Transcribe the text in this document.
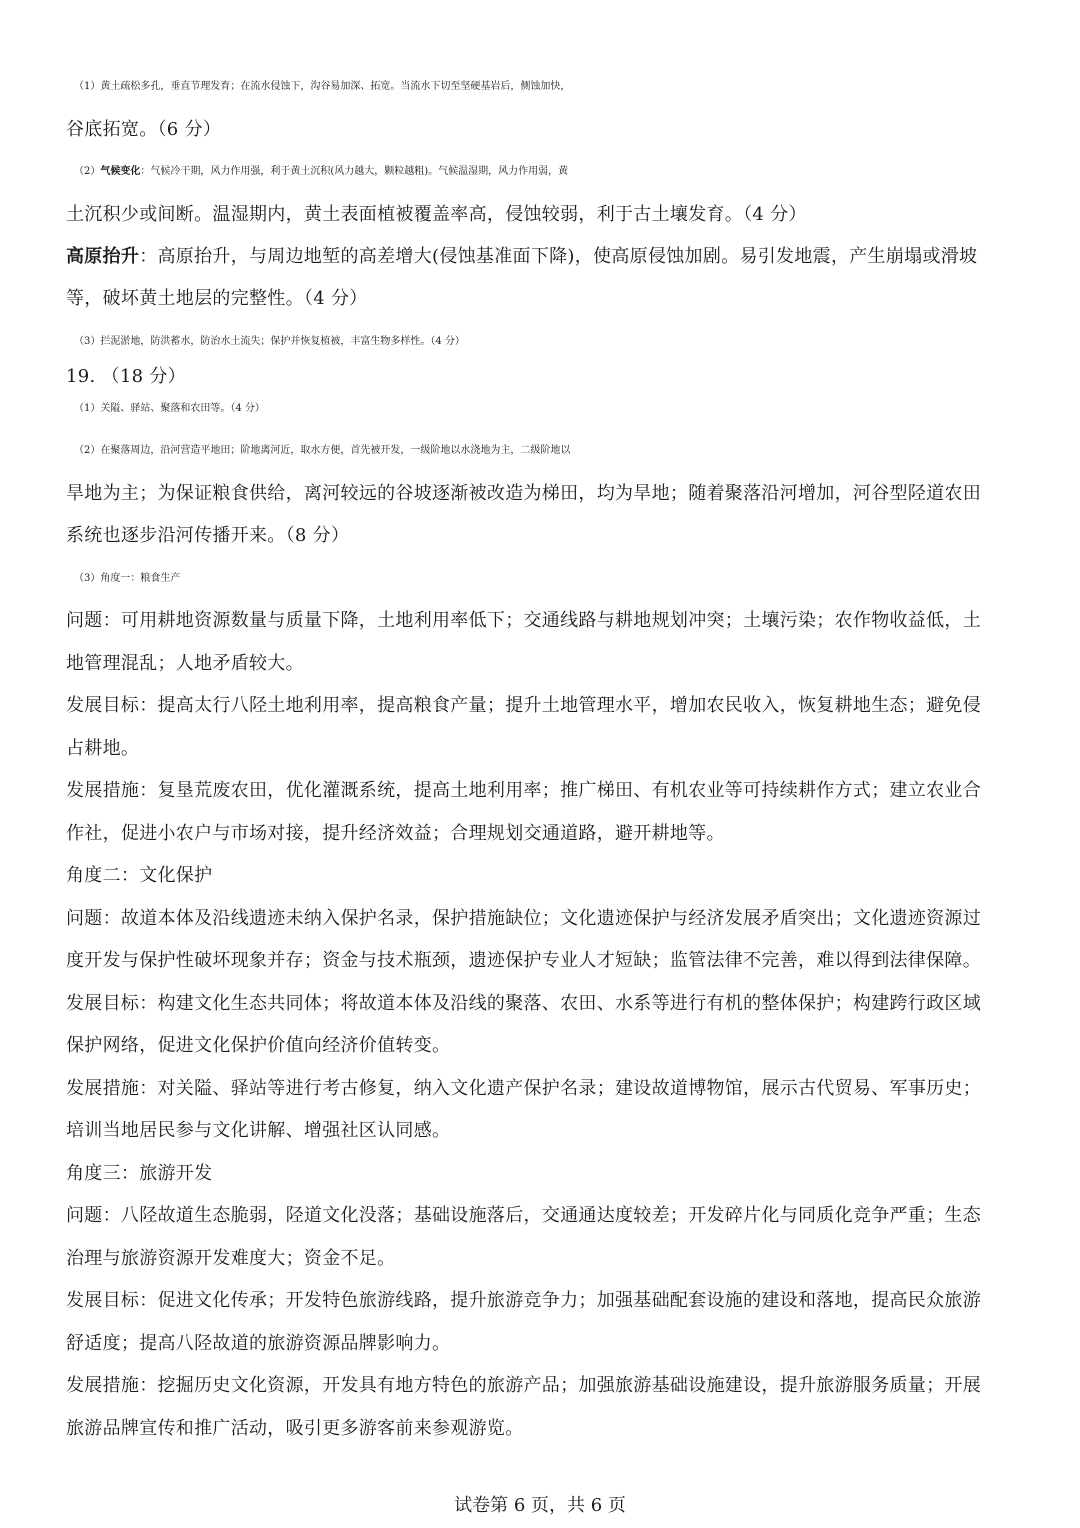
（1）黄土疏松多孔，垂直节理发育；在流水侵蚀下，沟谷易加深、拓宽。当流水下切至坚硬基岩后，侧蚀加快，
谷底拓宽。（6 分）
（2）气候变化：气候冷干期，风力作用强，利于黄土沉积(风力越大，颗粒越粗)。气候温湿期，风力作用弱，黄
土沉积少或间断。温湿期内，黄土表面植被覆盖率高，侵蚀较弱，利于古土壤发育。（4 分）
高原抬升：高原抬升，与周边地堑的高差增大(侵蚀基准面下降)，使高原侵蚀加剧。易引发地震，产生崩塌或滑坡
等，破坏黄土地层的完整性。（4 分）
（3）拦泥淤地，防洪蓄水，防治水土流失；保护并恢复植被，丰富生物多样性。（4 分）
19. （18 分）
（1）关隘、驿站、聚落和农田等。（4 分）
（2）在聚落周边，沿河营造平地田；阶地离河近，取水方便，首先被开发，一级阶地以水浇地为主，二级阶地以
旱地为主；为保证粮食供给，离河较远的谷坡逐渐被改造为梯田，均为旱地；随着聚落沿河增加，河谷型陉道农田
系统也逐步沿河传播开来。（8 分）
（3）角度一：粮食生产
问题：可用耕地资源数量与质量下降，土地利用率低下；交通线路与耕地规划冲突；土壤污染；农作物收益低，土
地管理混乱；人地矛盾较大。
发展目标：提高太行八陉土地利用率，提高粮食产量；提升土地管理水平，增加农民收入，恢复耕地生态；避免侵
占耕地。
发展措施：复垦荒废农田，优化灌溉系统，提高土地利用率；推广梯田、有机农业等可持续耕作方式；建立农业合
作社，促进小农户与市场对接，提升经济效益；合理规划交通道路，避开耕地等。
角度二：文化保护
问题：故道本体及沿线遗迹未纳入保护名录，保护措施缺位；文化遗迹保护与经济发展矛盾突出；文化遗迹资源过
度开发与保护性破坏现象并存；资金与技术瓶颈，遗迹保护专业人才短缺；监管法律不完善，难以得到法律保障。
发展目标：构建文化生态共同体；将故道本体及沿线的聚落、农田、水系等进行有机的整体保护；构建跨行政区域
保护网络，促进文化保护价值向经济价值转变。
发展措施：对关隘、驿站等进行考古修复，纳入文化遗产保护名录；建设故道博物馆，展示古代贸易、军事历史；
培训当地居民参与文化讲解、增强社区认同感。
角度三：旅游开发
问题：八陉故道生态脆弱，陉道文化没落；基础设施落后，交通通达度较差；开发碎片化与同质化竞争严重；生态
治理与旅游资源开发难度大；资金不足。
发展目标：促进文化传承；开发特色旅游线路，提升旅游竞争力；加强基础配套设施的建设和落地，提高民众旅游
舒适度；提高八陉故道的旅游资源品牌影响力。
发展措施：挖掘历史文化资源，开发具有地方特色的旅游产品；加强旅游基础设施建设，提升旅游服务质量；开展
旅游品牌宣传和推广活动，吸引更多游客前来参观游览。
试卷第 6 页，共 6 页
